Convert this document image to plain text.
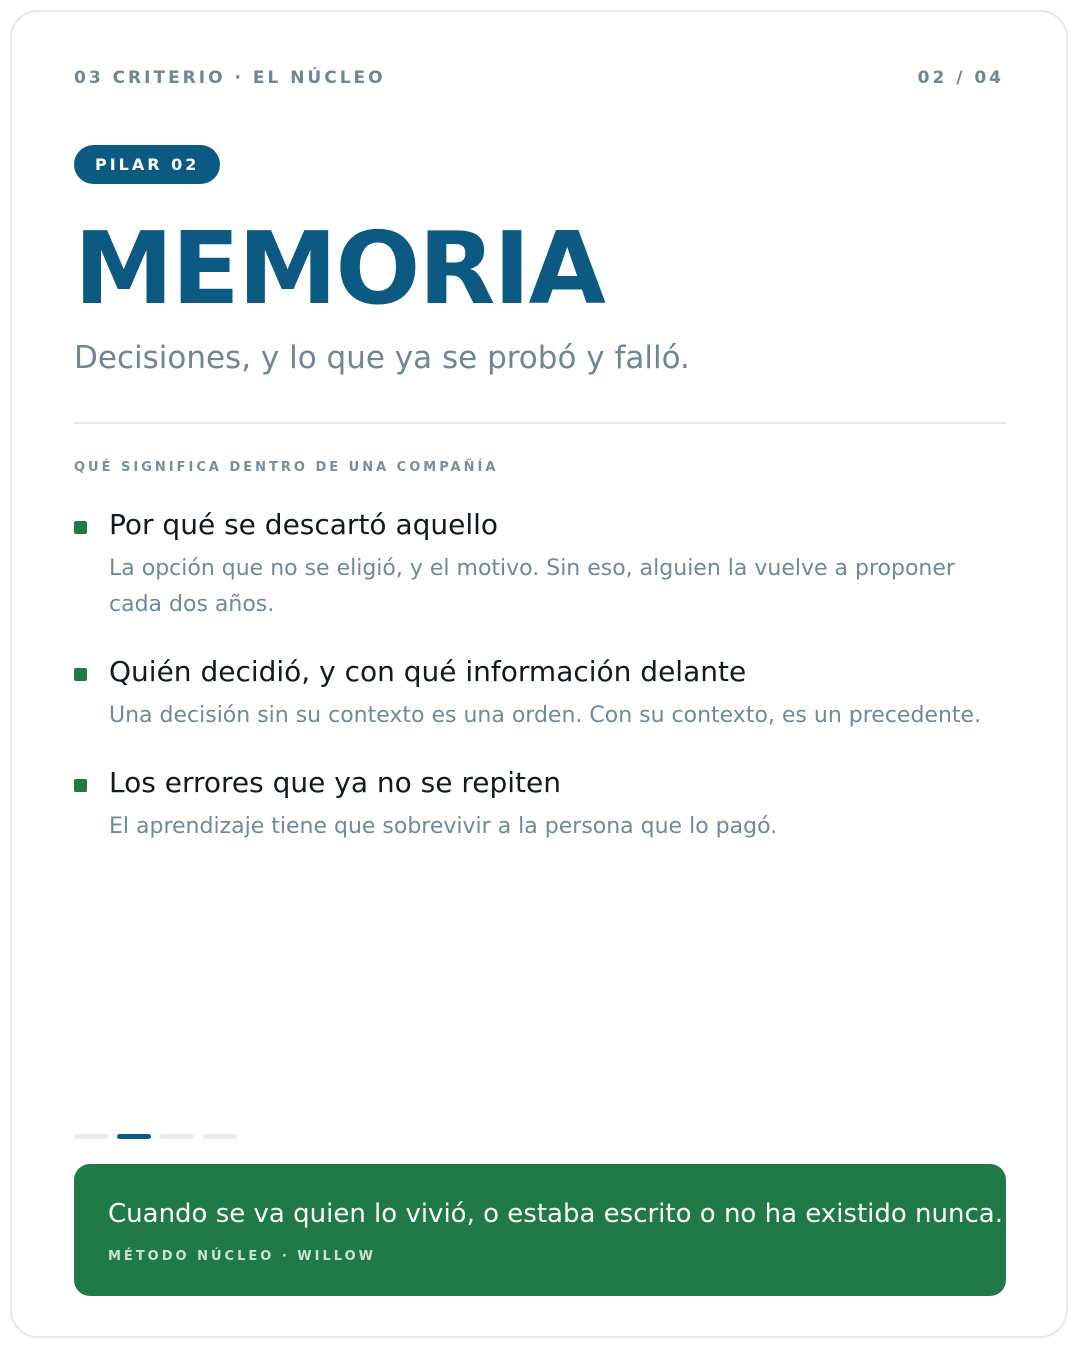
03 CRITERIO · EL NÚCLEO	02 / 04
PILAR 02
MEMORIA
Decisiones, y lo que ya se probó y falló.
QUÉ SIGNIFICA DENTRO DE UNA COMPAÑÍA
Por qué se descartó aquello
La opción que no se eligió, y el motivo. Sin eso, alguien la vuelve a proponer cada dos años.
Quién decidió, y con qué información delante
Una decisión sin su contexto es una orden. Con su contexto, es un precedente.
Los errores que ya no se repiten
El aprendizaje tiene que sobrevivir a la persona que lo pagó.
Cuando se va quien lo vivió, o estaba escrito o no ha existido nunca.
MÉTODO NÚCLEO · WILLOW
